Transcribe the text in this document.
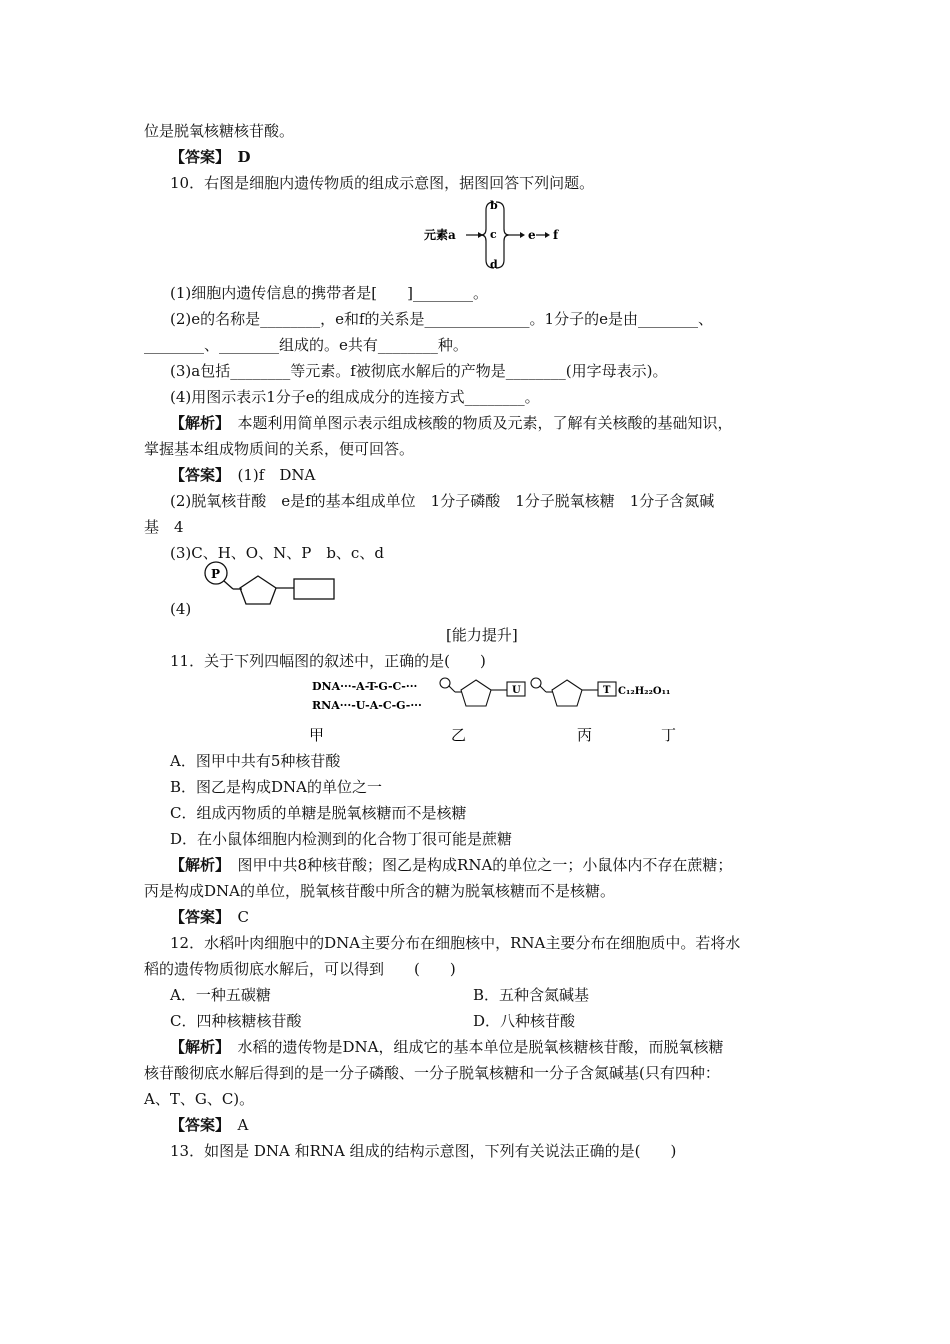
位是脱氧核糖核苷酸。
【答案】　D
10．右图是细胞内遗传物质的组成示意图，据图回答下列问题。
元素a
b
c
d
e f
(1)细胞内遗传信息的携带者是[　　]________。
(2)e的名称是________，e和f的关系是______________。1分子的e是由________、
________、________组成的。e共有________种。
(3)a包括________等元素。f被彻底水解后的产物是________(用字母表示)。
(4)用图示表示1分子e的组成成分的连接方式________。
【解析】　本题利用简单图示表示组成核酸的物质及元素，了解有关核酸的基础知识，
掌握基本组成物质间的关系，便可回答。
【答案】　(1)f　DNA
(2)脱氧核苷酸　e是f的基本组成单位　1分子磷酸　1分子脱氧核糖　1分子含氮碱
基　4
(3)C、H、O、N、P　b、c、d
P
(4)
[能力提升]
11．关于下列四幅图的叙述中，正确的是(　　)
DNA···-A-T-G-C-···
RNA···-U-A-C-G-···
U	T C₁₂H₂₂O₁₁
甲	乙	丙	丁
A．图甲中共有5种核苷酸
B．图乙是构成DNA的单位之一
C．组成丙物质的单糖是脱氧核糖而不是核糖
D．在小鼠体细胞内检测到的化合物丁很可能是蔗糖
【解析】　图甲中共8种核苷酸；图乙是构成RNA的单位之一；小鼠体内不存在蔗糖；
丙是构成DNA的单位，脱氧核苷酸中所含的糖为脱氧核糖而不是核糖。
【答案】　C
12．水稻叶肉细胞中的DNA主要分布在细胞核中，RNA主要分布在细胞质中。若将水
稻的遗传物质彻底水解后，可以得到　　(　　)
A．一种五碳糖	B．五种含氮碱基
C．四种核糖核苷酸	D．八种核苷酸
【解析】　水稻的遗传物是DNA，组成它的基本单位是脱氧核糖核苷酸，而脱氧核糖
核苷酸彻底水解后得到的是一分子磷酸、一分子脱氧核糖和一分子含氮碱基(只有四种：
A、T、G、C)。
【答案】　A
13．如图是 DNA 和RNA 组成的结构示意图，下列有关说法正确的是(　　)
